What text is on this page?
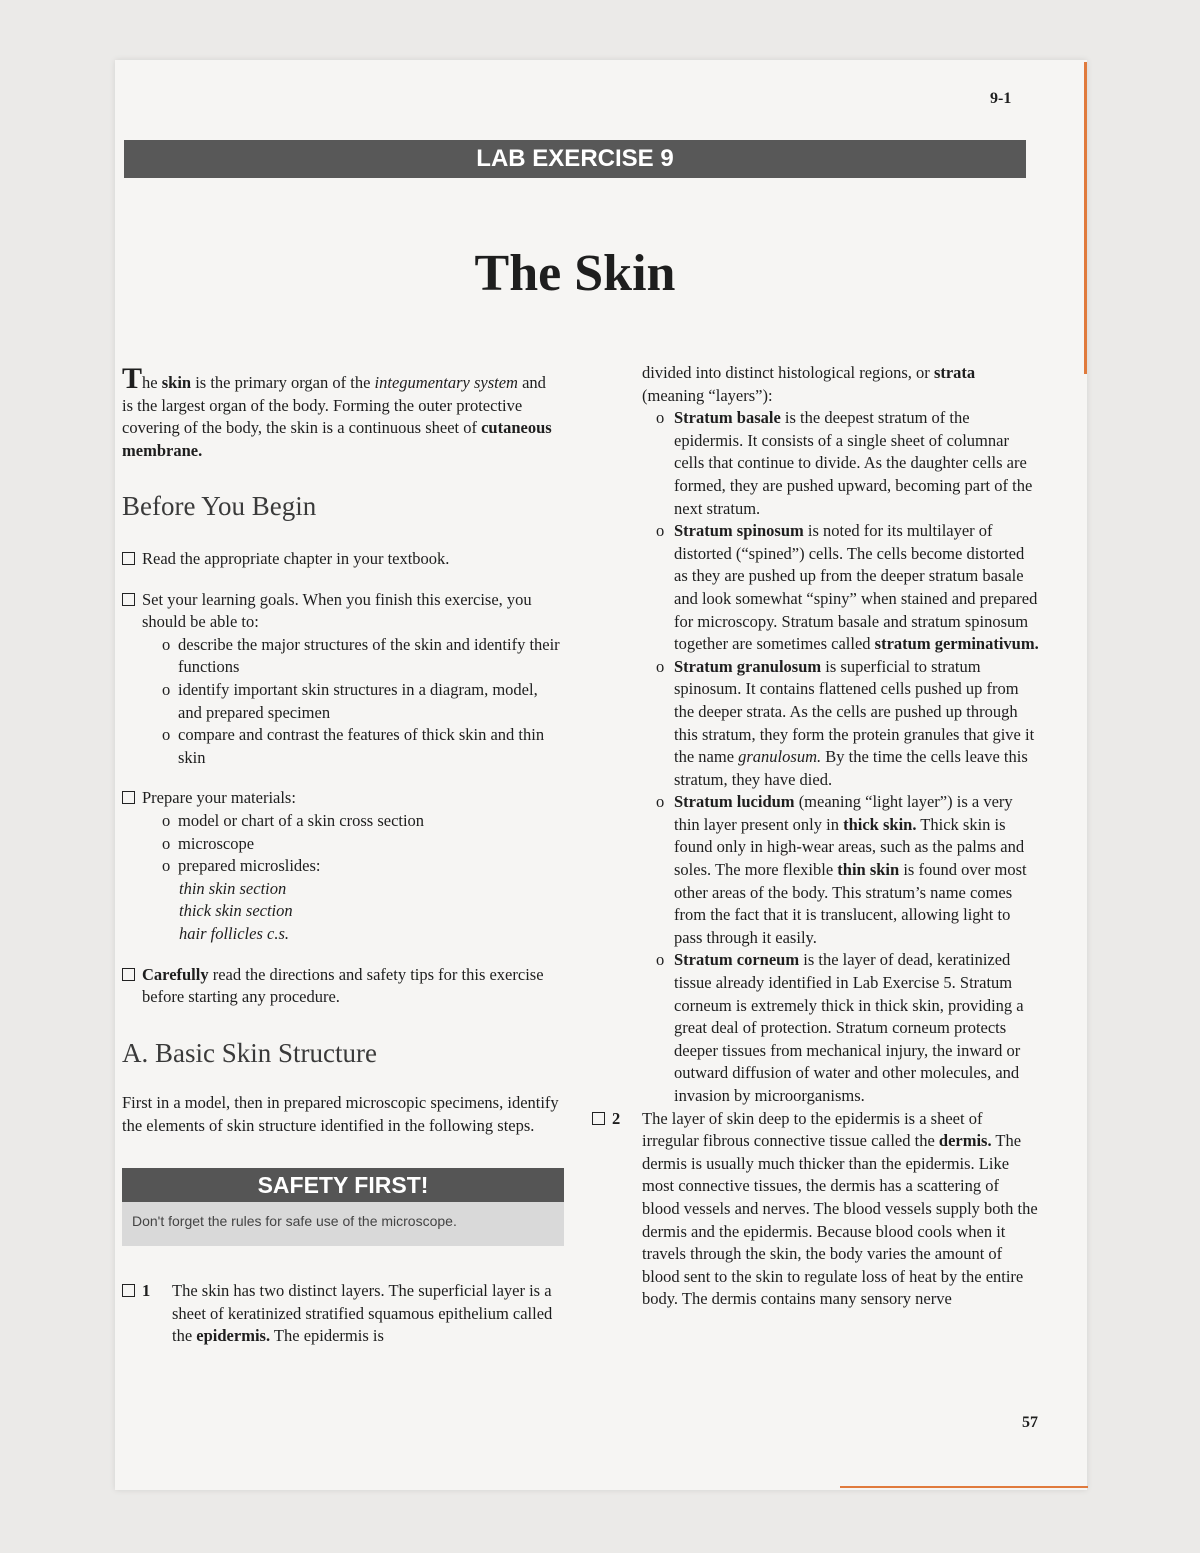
9-1
LAB EXERCISE 9
The Skin

The skin is the primary organ of the integumentary system and is the largest organ of the body. Forming the outer protective covering of the body, the skin is a continuous sheet of cutaneous membrane.

Before You Begin

Read the appropriate chapter in your textbook.

Set your learning goals. When you finish this exercise, you should be able to:

o describe the major structures of the skin and identify their functions

o identify important skin structures in a diagram, model, and prepared specimen

o compare and contrast the features of thick skin and thin skin

Prepare your materials:

o model or chart of a skin cross section

o microscope

o prepared microslides:

thin skin section

thick skin section

hair follicles c.s.

Carefully read the directions and safety tips for this exercise before starting any procedure.

A. Basic Skin Structure

First in a model, then in prepared microscopic specimens, identify the elements of skin structure identified in the following steps.

SAFETY FIRST!
Don't forget the rules for safe use of the microscope.

1 The skin has two distinct layers. The superficial layer is a sheet of keratinized stratified squamous epithelium called the epidermis. The epidermis is

divided into distinct histological regions, or strata (meaning “layers”):

o Stratum basale is the deepest stratum of the epidermis. It consists of a single sheet of columnar cells that continue to divide. As the daughter cells are formed, they are pushed upward, becoming part of the next stratum.

o Stratum spinosum is noted for its multilayer of distorted (“spined”) cells. The cells become distorted as they are pushed up from the deeper stratum basale and look somewhat “spiny” when stained and prepared for microscopy. Stratum basale and stratum spinosum together are sometimes called stratum germinativum.

o Stratum granulosum is superficial to stratum spinosum. It contains flattened cells pushed up from the deeper strata. As the cells are pushed up through this stratum, they form the protein granules that give it the name granulosum. By the time the cells leave this stratum, they have died.

o Stratum lucidum (meaning “light layer”) is a very thin layer present only in thick skin. Thick skin is found only in high-wear areas, such as the palms and soles. The more flexible thin skin is found over most other areas of the body. This stratum’s name comes from the fact that it is translucent, allowing light to pass through it easily.

o Stratum corneum is the layer of dead, keratinized tissue already identified in Lab Exercise 5. Stratum corneum is extremely thick in thick skin, providing a great deal of protection. Stratum corneum protects deeper tissues from mechanical injury, the inward or outward diffusion of water and other molecules, and invasion by microorganisms.

2 The layer of skin deep to the epidermis is a sheet of irregular fibrous connective tissue called the dermis. The dermis is usually much thicker than the epidermis. Like most connective tissues, the dermis has a scattering of blood vessels and nerves. The blood vessels supply both the dermis and the epidermis. Because blood cools when it travels through the skin, the body varies the amount of blood sent to the skin to regulate loss of heat by the entire body. The dermis contains many sensory nerve

57
